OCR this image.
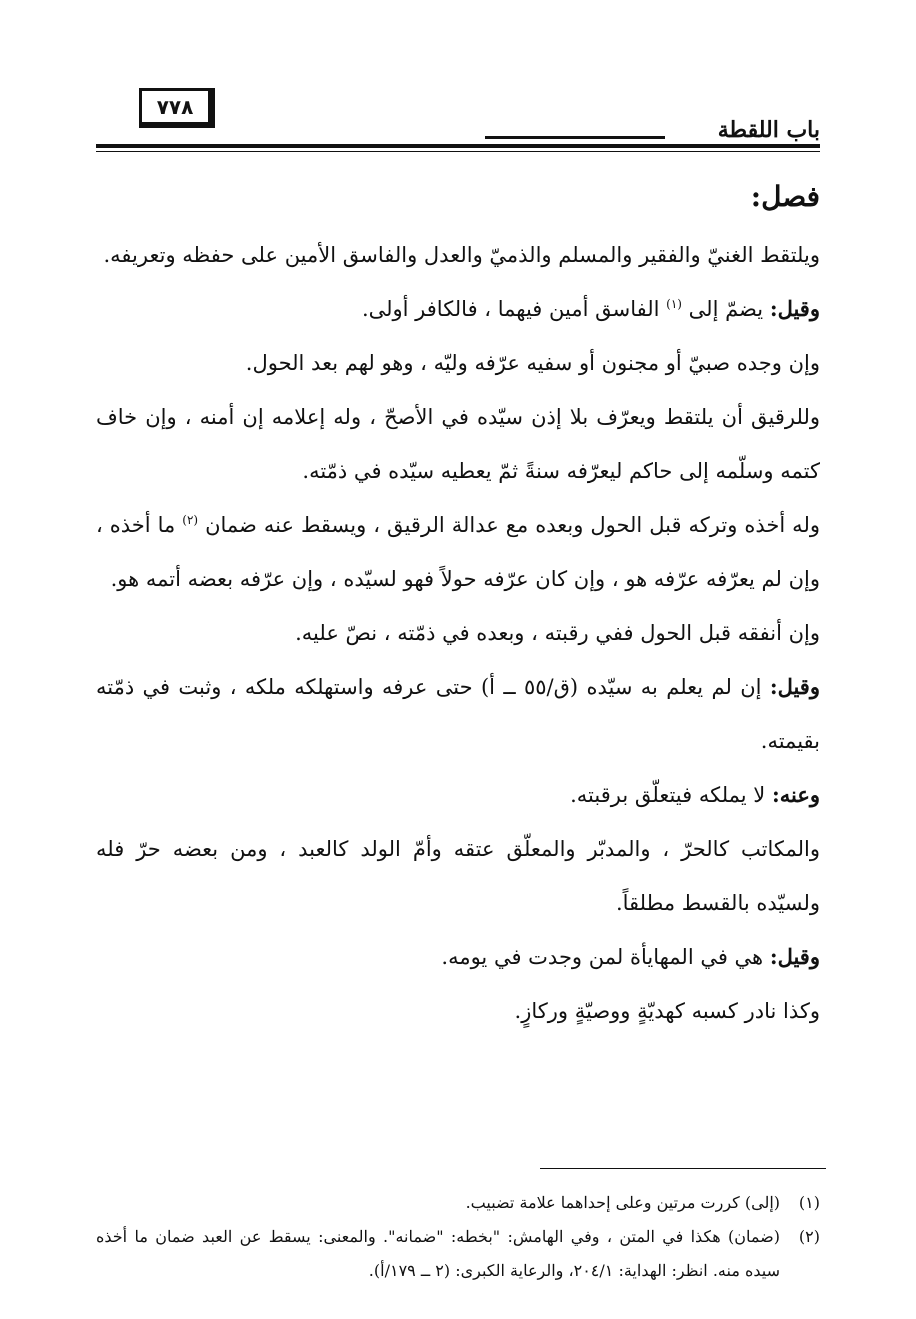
٧٧٨
باب اللقطة

فصل:

ويلتقط الغنيّ والفقير والمسلم والذميّ والعدل والفاسق الأمين على حفظه وتعريفه.

وقيل: يضمّ إلى $^{(١)}$ الفاسق أمين فيهما ، فالكافر أولى.

وإن وجده صبيّ أو مجنون أو سفيه عرّفه وليّه ، وهو لهم بعد الحول.

وللرقيق أن يلتقط ويعرّف بلا إذن سيّده في الأصحّ ، وله إعلامه إن أمنه ، وإن خاف كتمه وسلّمه إلى حاكم ليعرّفه سنةً ثمّ يعطيه سيّده في ذمّته.

وله أخذه وتركه قبل الحول وبعده مع عدالة الرقيق ، ويسقط عنه ضمان $^{(٢)}$ ما أخذه ، وإن لم يعرّفه عرّفه هو ، وإن كان عرّفه حولاً فهو لسيّده ، وإن عرّفه بعضه أتمه هو.

وإن أنفقه قبل الحول ففي رقبته ، وبعده في ذمّته ، نصّ عليه.

وقيل: إن لم يعلم به سيّده (ق/٥٥ ــ أ) حتى عرفه واستهلكه ملكه ، وثبت في ذمّته بقيمته.

وعنه: لا يملكه فيتعلّق برقبته.

والمكاتب كالحرّ ، والمدبّر والمعلّق عتقه وأمّ الولد كالعبد ، ومن بعضه حرّ فله ولسيّده بالقسط مطلقاً.

وقيل: هي في المهايأة لمن وجدت في يومه.

وكذا نادر كسبه كهديّةٍ ووصيّةٍ وركازٍ.

(١)
(إلى) كررت مرتين وعلى إحداهما علامة تضبيب.
(٢)
(ضمان) هكذا في المتن ، وفي الهامش: "بخطه: "ضمانه". والمعنى: يسقط عن العبد ضمان ما أخذه سيده منه. انظر: الهداية: ٢٠٤/١، والرعاية الكبرى: (٢ ــ ١٧٩/أ).
